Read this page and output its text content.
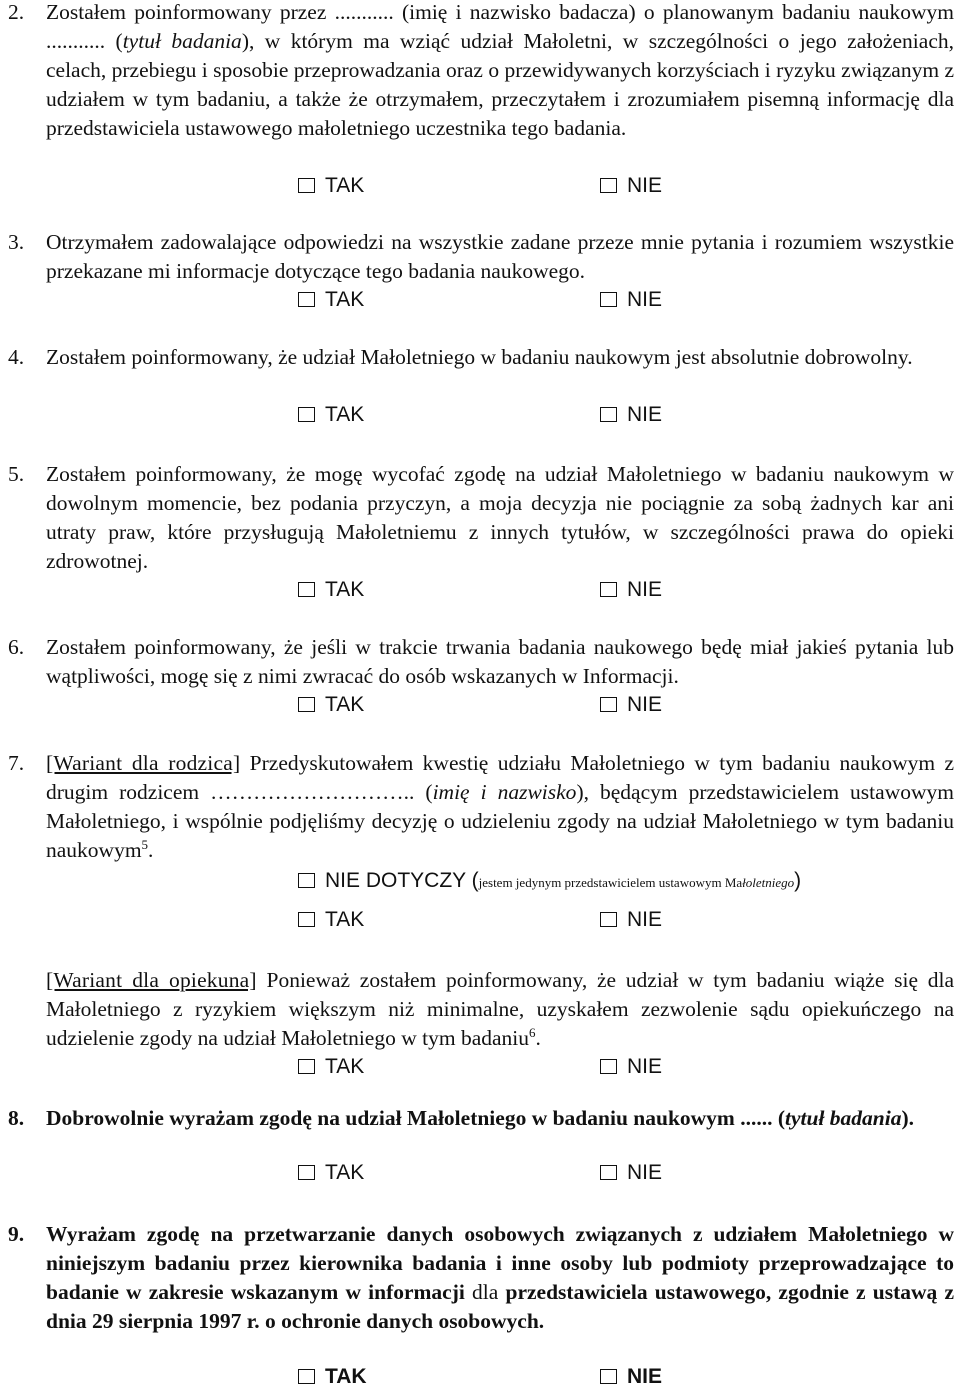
2. Zostałem poinformowany przez ........... (imię i nazwisko badacza) o planowanym badaniu naukowym ........... (tytuł badania), w którym ma wziąć udział Małoletni, w szczególności o jego założeniach, celach, przebiegu i sposobie przeprowadzania oraz o przewidywanych korzyściach i ryzyku związanym z udziałem w tym badaniu, a także że otrzymałem, przeczytałem i zrozumiałem pisemną informację dla przedstawiciela ustawowego małoletniego uczestnika tego badania.
TAK	NIE
3. Otrzymałem zadowalające odpowiedzi na wszystkie zadane przeze mnie pytania i rozumiem wszystkie przekazane mi informacje dotyczące tego badania naukowego.
TAK	NIE
4. Zostałem poinformowany, że udział Małoletniego w badaniu naukowym jest absolutnie dobrowolny.
TAK	NIE
5. Zostałem poinformowany, że mogę wycofać zgodę na udział Małoletniego w badaniu naukowym w dowolnym momencie, bez podania przyczyn, a moja decyzja nie pociągnie za sobą żadnych kar ani utraty praw, które przysługują Małoletniemu z innych tytułów, w szczególności prawa do opieki zdrowotnej.
TAK	NIE
6. Zostałem poinformowany, że jeśli w trakcie trwania badania naukowego będę miał jakieś pytania lub wątpliwości, mogę się z nimi zwracać do osób wskazanych w Informacji.
TAK	NIE
7. [Wariant dla rodzica] Przedyskutowałem kwestię udziału Małoletniego w tym badaniu naukowym z drugim rodzicem ……………………….. (imię i nazwisko), będącym przedstawicielem ustawowym Małoletniego, i wspólnie podjęliśmy decyzję o udzieleniu zgody na udział Małoletniego w tym badaniu naukowym$^5$.
NIE DOTYCZY (jestem jedynym przedstawicielem ustawowym Małoletniego)
TAK	NIE
[Wariant dla opiekuna] Ponieważ zostałem poinformowany, że udział w tym badaniu wiąże się dla Małoletniego z ryzykiem większym niż minimalne, uzyskałem zezwolenie sądu opiekuńczego na udzielenie zgody na udział Małoletniego w tym badaniu$^6$.
TAK	NIE
8. Dobrowolnie wyrażam zgodę na udział Małoletniego w badaniu naukowym ...... (tytuł badania).
TAK	NIE
9. Wyrażam zgodę na przetwarzanie danych osobowych związanych z udziałem Małoletniego w niniejszym badaniu przez kierownika badania i inne osoby lub podmioty przeprowadzające to badanie w zakresie wskazanym w informacji dla przedstawiciela ustawowego, zgodnie z ustawą z dnia 29 sierpnia 1997 r. o ochronie danych osobowych.
TAK	NIE
